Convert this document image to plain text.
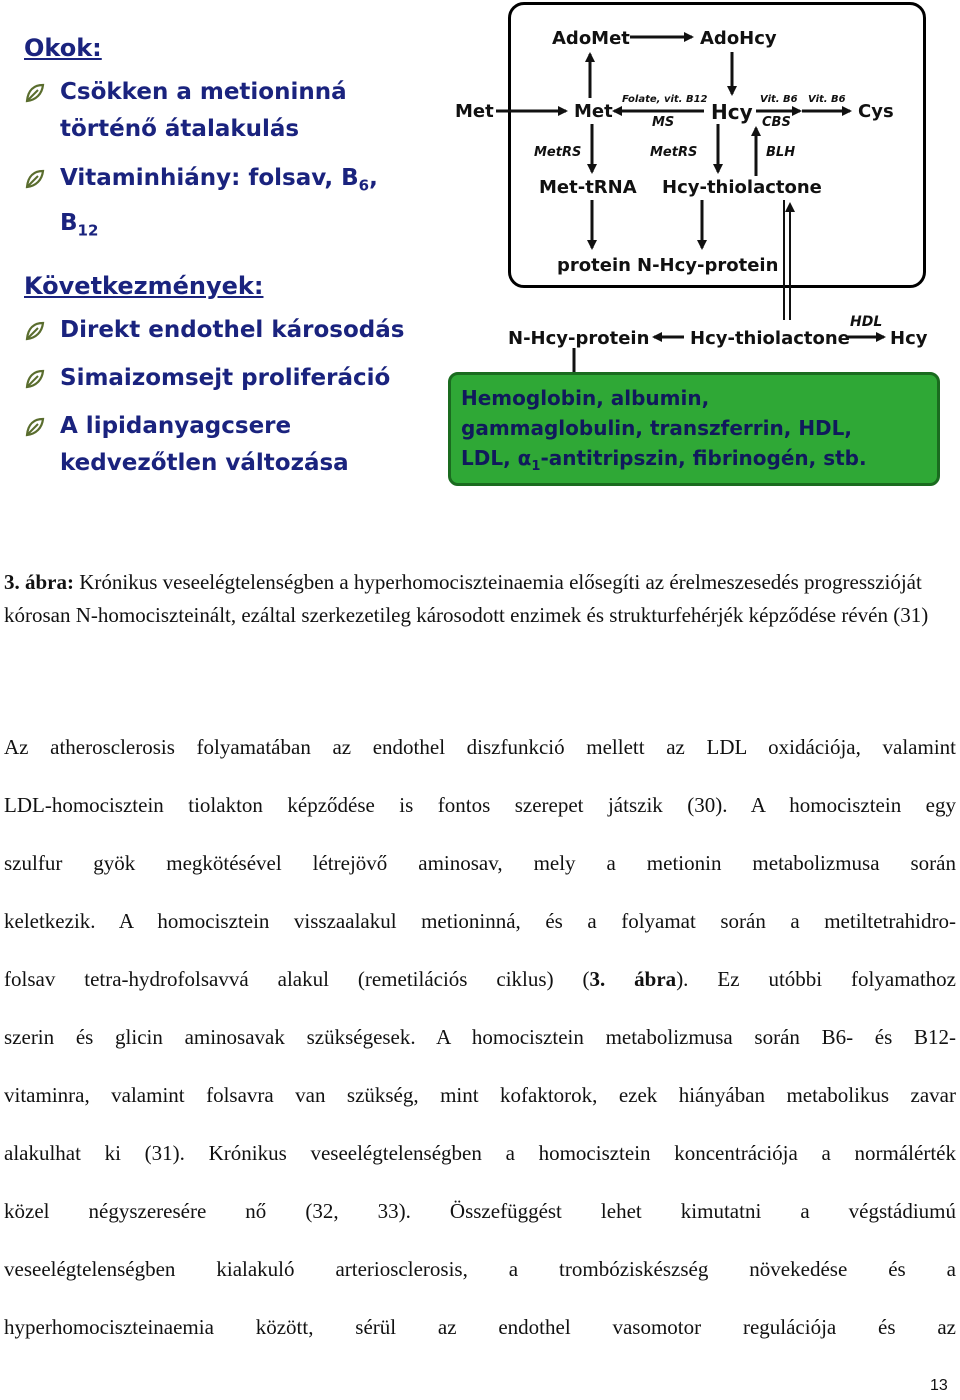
Okok:
Csökken a metioninná
történő átalakulás
Vitaminhiány: folsav, $B_6$,
$B_{12}$
Következmények:
Direkt endothel károsodás
Simaizomsejt proliferáció
A lipidanyagcsere
kedvezőtlen változása
AdoMet	AdoHcy
Met	Met
Folate, vit. B12
MS Hcy
Vit. B6
CBS
Vit. B6
Cys
MetRS	MetRS	BLH
Met-tRNA Hcy-thiolactone
protein N-Hcy-protein
N-Hcy-protein Hcy-thiolactone
HDL
Hcy
Hemoglobin, albumin,
gammaglobulin, transzferrin, HDL,
LDL, $\alpha_1$-antitripszin, fibrinogén, stb.
3. ábra: Krónikus veseelégtelenségben a hyperhomociszteinaemia elősegíti az érelmeszesedés progresszióját kórosan N-homociszteinált, ezáltal szerkezetileg károsodott enzimek és strukturfehérjék képződése révén (31)
Az atherosclerosis folyamatában az endothel diszfunkció mellett az LDL oxidációja, valamint
LDL-homocisztein tiolakton képződése is fontos szerepet játszik (30). A homocisztein egy
szulfur gyök megkötésével létrejövő aminosav, mely a metionin metabolizmusa során
keletkezik. A homocisztein visszaalakul metioninná, és a folyamat során a metiltetrahidro-
folsav tetra-hydrofolsavvá alakul (remetilációs ciklus) (3. ábra). Ez utóbbi folyamathoz
szerin és glicin aminosavak szükségesek. A homocisztein metabolizmusa során B6- és B12-
vitaminra, valamint folsavra van szükség, mint kofaktorok, ezek hiányában metabolikus zavar
alakulhat ki (31). Krónikus veseelégtelenségben a homocisztein koncentrációja a normálérték
közel négyszeresére nő (32, 33). Összefüggést lehet kimutatni a végstádiumú
veseelégtelenségben kialakuló arteriosclerosis, a trombóziskészség növekedése és a
hyperhomociszteinaemia között, sérül az endothel vasomotor regulációja és az
13
